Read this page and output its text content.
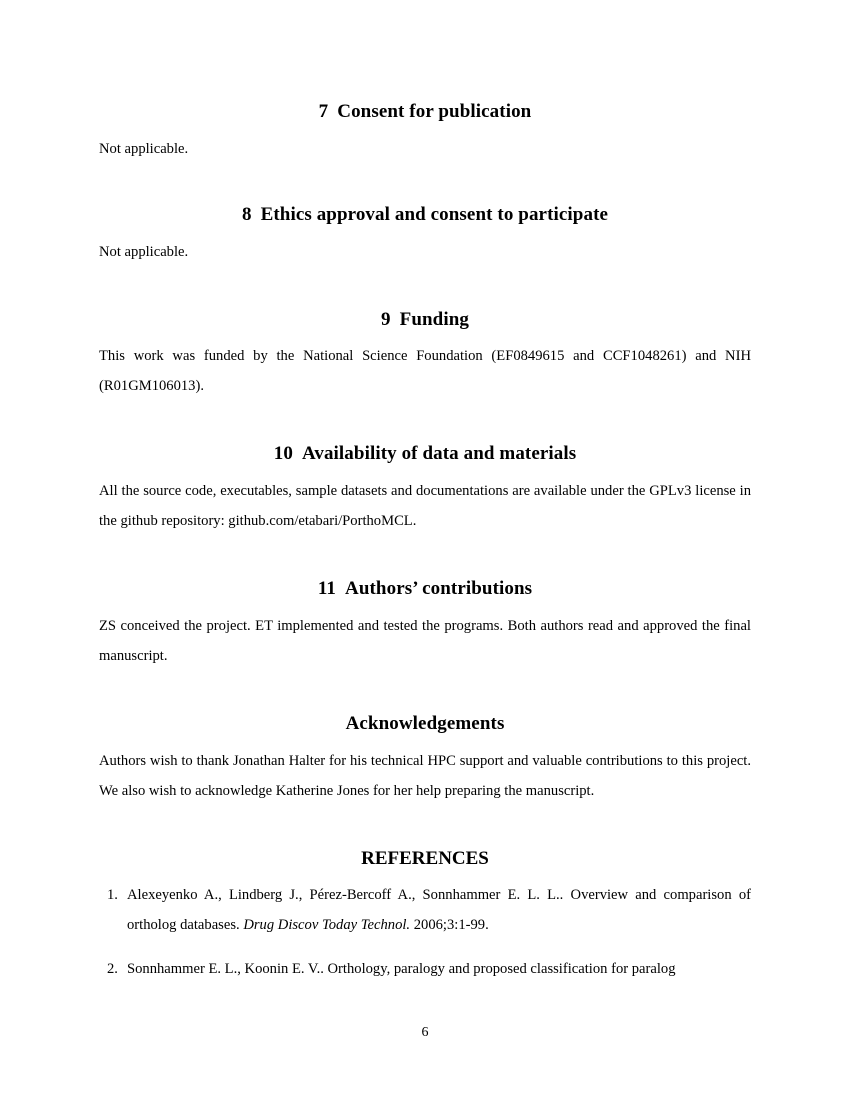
7 Consent for publication

Not applicable.

8 Ethics approval and consent to participate

Not applicable.

9 Funding

This work was funded by the National Science Foundation (EF0849615 and CCF1048261) and NIH (R01GM106013).

10 Availability of data and materials

All the source code, executables, sample datasets and documentations are available under the GPLv3 license in the github repository: github.com/etabari/PorthoMCL.

11 Authors’ contributions

ZS conceived the project. ET implemented and tested the programs. Both authors read and approved the final manuscript.

Acknowledgements

Authors wish to thank Jonathan Halter for his technical HPC support and valuable contributions to this project. We also wish to acknowledge Katherine Jones for her help preparing the manuscript.

REFERENCES
Alexeyenko A., Lindberg J., Pérez-Bercoff A., Sonnhammer E. L. L.. Overview and comparison of ortholog databases. Drug Discov Today Technol. 2006;3:1-99.
Sonnhammer E. L., Koonin E. V.. Orthology, paralogy and proposed classification for paralog
6
